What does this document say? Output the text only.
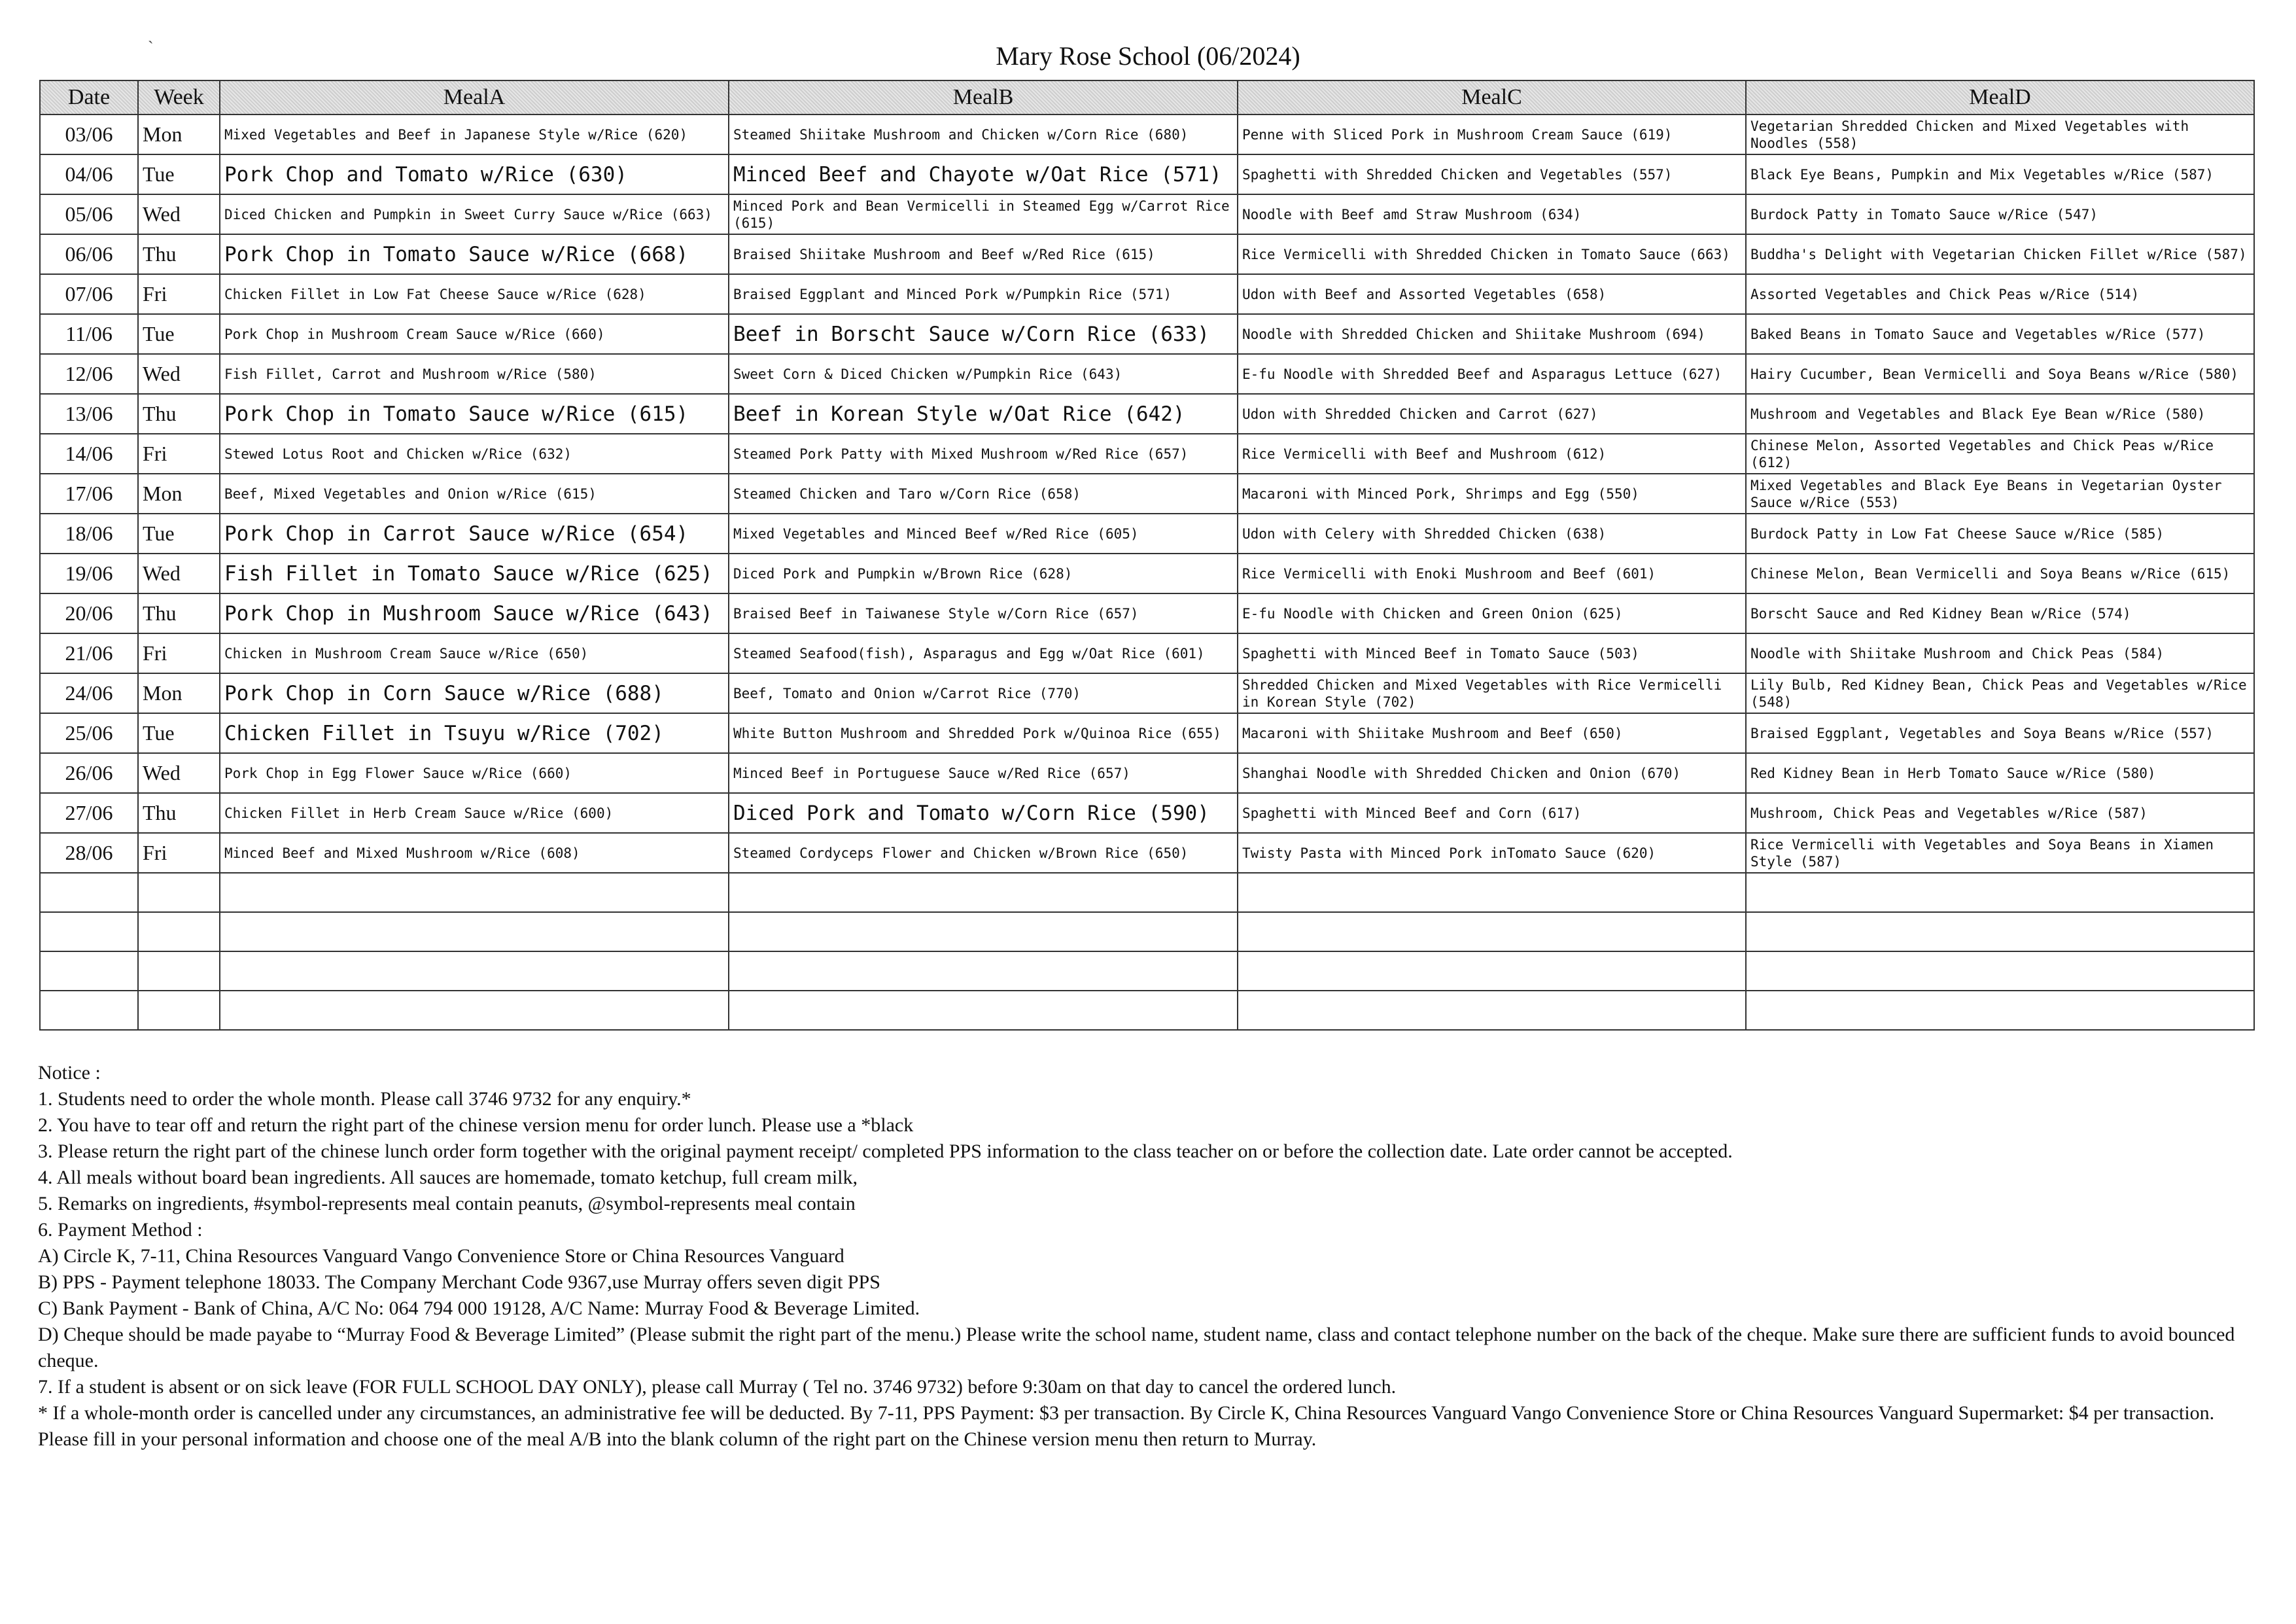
`	Mary Rose School (06/2024)
Date	Week	MealA	MealB	MealC	MealD
03/06	Mon	Mixed Vegetables and Beef in Japanese Style w/Rice (620)	Steamed Shiitake Mushroom and Chicken w/Corn Rice (680)	Penne with Sliced Pork in Mushroom Cream Sauce (619)	Vegetarian Shredded Chicken and Mixed Vegetables with Noodles (558)
04/06	Tue	Pork Chop and Tomato w/Rice (630)	Minced Beef and Chayote w/Oat Rice (571)	Spaghetti with Shredded Chicken and Vegetables (557)	Black Eye Beans, Pumpkin and Mix Vegetables w/Rice (587)
05/06	Wed	Diced Chicken and Pumpkin in Sweet Curry Sauce w/Rice (663)	Minced Pork and Bean Vermicelli in Steamed Egg w/Carrot Rice (615)	Noodle with Beef amd Straw Mushroom (634)	Burdock Patty in Tomato Sauce w/Rice (547)
06/06	Thu	Pork Chop in Tomato Sauce w/Rice (668)	Braised Shiitake Mushroom and Beef w/Red Rice (615)	Rice Vermicelli with Shredded Chicken in Tomato Sauce (663)	Buddha's Delight with Vegetarian Chicken Fillet w/Rice (587)
07/06	Fri	Chicken Fillet in Low Fat Cheese Sauce w/Rice (628)	Braised Eggplant and Minced Pork w/Pumpkin Rice (571)	Udon with Beef and Assorted Vegetables (658)	Assorted Vegetables and Chick Peas w/Rice (514)
11/06	Tue	Pork Chop in Mushroom Cream Sauce w/Rice (660)	Beef in Borscht Sauce w/Corn Rice (633)	Noodle with Shredded Chicken and Shiitake Mushroom (694)	Baked Beans in Tomato Sauce and Vegetables w/Rice (577)
12/06	Wed	Fish Fillet, Carrot and Mushroom w/Rice (580)	Sweet Corn & Diced Chicken w/Pumpkin Rice (643)	E-fu Noodle with Shredded Beef and Asparagus Lettuce (627)	Hairy Cucumber, Bean Vermicelli and Soya Beans w/Rice (580)
13/06	Thu	Pork Chop in Tomato Sauce w/Rice (615)	Beef in Korean Style w/Oat Rice (642)	Udon with Shredded Chicken and Carrot (627)	Mushroom and Vegetables and Black Eye Bean w/Rice (580)
14/06	Fri	Stewed Lotus Root and Chicken w/Rice (632)	Steamed Pork Patty with Mixed Mushroom w/Red Rice (657)	Rice Vermicelli with Beef and Mushroom (612)	Chinese Melon, Assorted Vegetables and Chick Peas w/Rice (612)
17/06	Mon	Beef, Mixed Vegetables and Onion w/Rice (615)	Steamed Chicken and Taro w/Corn Rice (658)	Macaroni with Minced Pork, Shrimps and Egg (550)	Mixed Vegetables and Black Eye Beans in Vegetarian Oyster Sauce w/Rice (553)
18/06	Tue	Pork Chop in Carrot Sauce w/Rice (654)	Mixed Vegetables and Minced Beef w/Red Rice (605)	Udon with Celery with Shredded Chicken (638)	Burdock Patty in Low Fat Cheese Sauce w/Rice (585)
19/06	Wed	Fish Fillet in Tomato Sauce w/Rice (625)	Diced Pork and Pumpkin w/Brown Rice (628)	Rice Vermicelli with Enoki Mushroom and Beef (601)	Chinese Melon, Bean Vermicelli and Soya Beans w/Rice (615)
20/06	Thu	Pork Chop in Mushroom Sauce w/Rice (643)	Braised Beef in Taiwanese Style w/Corn Rice (657)	E-fu Noodle with Chicken and Green Onion (625)	Borscht Sauce and Red Kidney Bean w/Rice (574)
21/06	Fri	Chicken in Mushroom Cream Sauce w/Rice (650)	Steamed Seafood(fish), Asparagus and Egg w/Oat Rice (601)	Spaghetti with Minced Beef in Tomato Sauce (503)	Noodle with Shiitake Mushroom and Chick Peas (584)
24/06	Mon	Pork Chop in Corn Sauce w/Rice (688)	Beef, Tomato and Onion w/Carrot Rice (770)	Shredded Chicken and Mixed Vegetables with Rice Vermicelli in Korean Style (702)	Lily Bulb, Red Kidney Bean, Chick Peas and Vegetables w/Rice (548)
25/06	Tue	Chicken Fillet in Tsuyu w/Rice (702)	White Button Mushroom and Shredded Pork w/Quinoa Rice (655)	Macaroni with Shiitake Mushroom and Beef (650)	Braised Eggplant, Vegetables and Soya Beans w/Rice (557)
26/06	Wed	Pork Chop in Egg Flower Sauce w/Rice (660)	Minced Beef in Portuguese Sauce w/Red Rice (657)	Shanghai Noodle with Shredded Chicken and Onion (670)	Red Kidney Bean in Herb Tomato Sauce w/Rice (580)
27/06	Thu	Chicken Fillet in Herb Cream Sauce w/Rice (600)	Diced Pork and Tomato w/Corn Rice (590)	Spaghetti with Minced Beef and Corn (617)	Mushroom, Chick Peas and Vegetables w/Rice (587)
28/06	Fri	Minced Beef and Mixed Mushroom w/Rice (608)	Steamed Cordyceps Flower and Chicken w/Brown Rice (650)	Twisty Pasta with Minced Pork inTomato Sauce (620)	Rice Vermicelli with Vegetables and Soya Beans in Xiamen Style (587)

Notice :

1. Students need to order the whole month. Please call 3746 9732 for any enquiry.*

2. You have to tear off and return the right part of the chinese version menu for order lunch. Please use a *black

3. Please return the right part of the chinese lunch order form together with the original payment receipt/ completed PPS information to the class teacher on or before the collection date. Late order cannot be accepted.

4. All meals without board bean ingredients. All sauces are homemade, tomato ketchup, full cream milk,

5. Remarks on ingredients, #symbol-represents meal contain peanuts, @symbol-represents meal contain

6. Payment Method :

A) Circle K, 7-11, China Resources Vanguard Vango Convenience Store or China Resources Vanguard

B) PPS - Payment telephone 18033. The Company Merchant Code 9367,use Murray offers seven digit PPS

C) Bank Payment - Bank of China, A/C No: 064 794 000 19128, A/C Name: Murray Food & Beverage Limited.

D) Cheque should be made payabe to “Murray Food & Beverage Limited” (Please submit the right part of the menu.) Please write the school name, student name, class and contact telephone number on the back of the cheque. Make sure there are sufficient funds to avoid bounced cheque.

7. If a student is absent or on sick leave (FOR FULL SCHOOL DAY ONLY), please call Murray ( Tel no. 3746 9732) before 9:30am on that day to cancel the ordered lunch.

* If a whole-month order is cancelled under any circumstances, an administrative fee will be deducted. By 7-11, PPS Payment: $3 per transaction. By Circle K, China Resources Vanguard Vango Convenience Store or China Resources Vanguard Supermarket: $4 per transaction.

Please fill in your personal information and choose one of the meal A/B into the blank column of the right part on the Chinese version menu then return to Murray.
